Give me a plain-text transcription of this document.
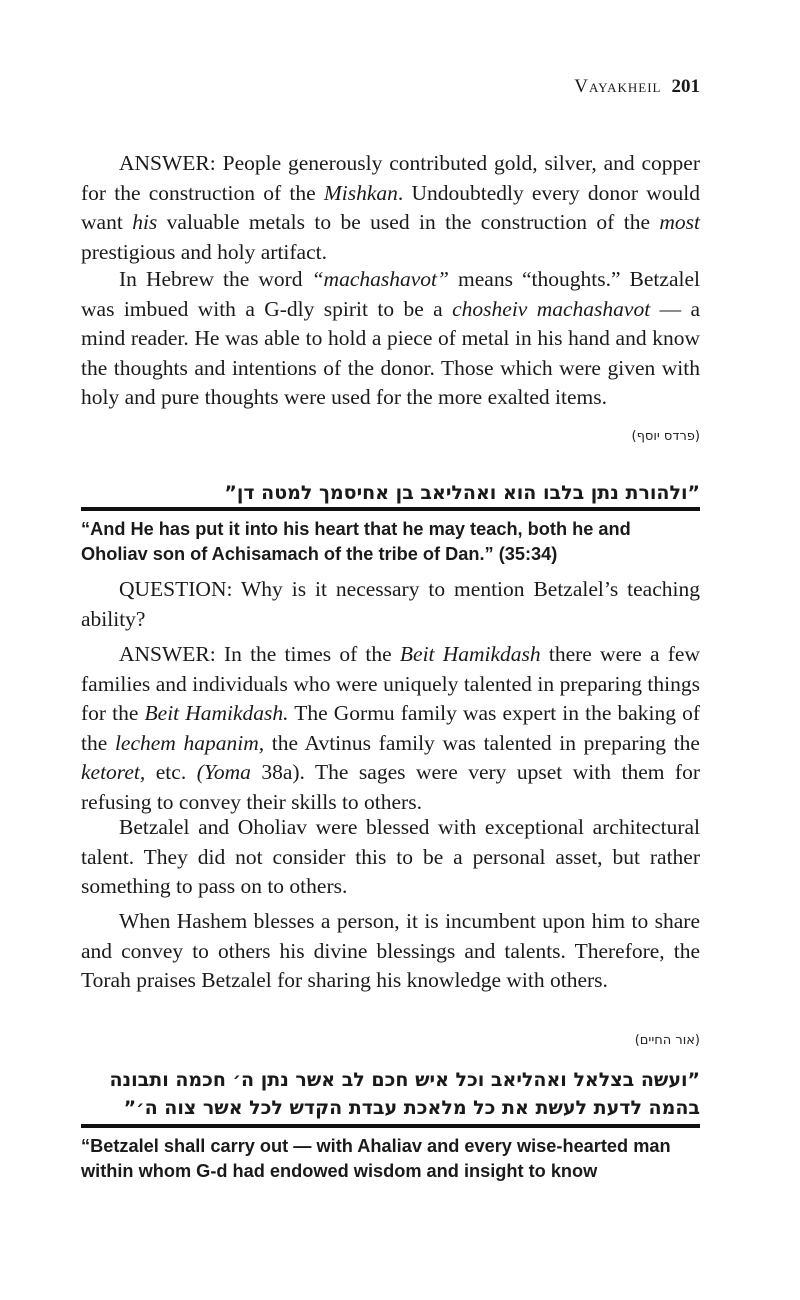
Vayakheil 201

ANSWER: People generously contributed gold, silver, and copper for the construction of the Mishkan. Undoubtedly every donor would want his valuable metals to be used in the construction of the most prestigious and holy artifact.

In Hebrew the word “machashavot” means “thoughts.” Betzalel was imbued with a G-dly spirit to be a chosheiv machashavot — a mind reader. He was able to hold a piece of metal in his hand and know the thoughts and intentions of the donor. Those which were given with holy and pure thoughts were used for the more exalted items.

(פרדס יוסף)
”ולהורת נתן בלבו הוא ואהליאב בן אחיסמך למטה דן”

“And He has put it into his heart that he may teach, both he and Oholiav son of Achisamach of the tribe of Dan.” (35:34)

QUESTION: Why is it necessary to mention Betzalel’s teaching ability?

ANSWER: In the times of the Beit Hamikdash there were a few families and individuals who were uniquely talented in preparing things for the Beit Hamikdash. The Gormu family was expert in the baking of the lechem hapanim, the Avtinus family was talented in preparing the ketoret, etc. (Yoma 38a). The sages were very upset with them for refusing to convey their skills to others.

Betzalel and Oholiav were blessed with exceptional architectural talent. They did not consider this to be a personal asset, but rather something to pass on to others.

When Hashem blesses a person, it is incumbent upon him to share and convey to others his divine blessings and talents. Therefore, the Torah praises Betzalel for sharing his knowledge with others.

(אור החיים)
”ועשה בצלאל ואהליאב וכל איש חכם לב אשר נתן ה׳ חכמה ותבונה
בהמה לדעת לעשת את כל מלאכת עבדת הקדש לכל אשר צוה ה׳”

“Betzalel shall carry out — with Ahaliav and every wise-hearted man within whom G-d had endowed wisdom and insight to know
